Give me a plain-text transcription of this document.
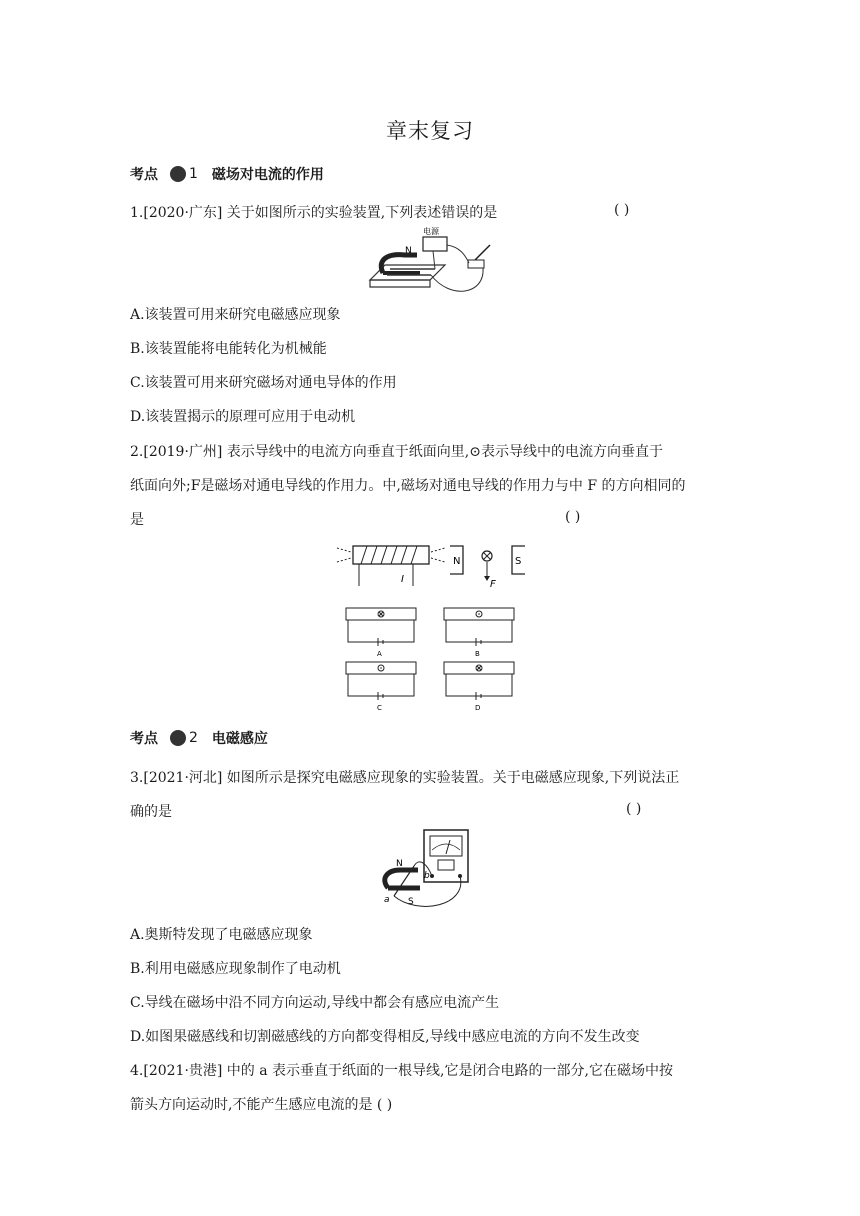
章末复习
考点 1 磁场对电流的作用
1.[2020·广东] 关于如图所示的实验装置,下列表述错误的是	( )
N
电源
A.该装置可用来研究电磁感应现象
B.该装置能将电能转化为机械能
C.该装置可用来研究磁场对通电导体的作用
D.该装置揭示的原理可应用于电动机
2.[2019·广州] 表示导线中的电流方向垂直于纸面向里,⊙表示导线中的电流方向垂直于
纸面向外;F是磁场对通电导线的作用力。中,磁场对通电导线的作用力与中 F 的方向相同的
是	( )
I
N
F
S
A	B
C	D
考点 2 电磁感应
3.[2021·河北] 如图所示是探究电磁感应现象的实验装置。关于电磁感应现象,下列说法正
确的是	( )
N
S
a
b
A.奥斯特发现了电磁感应现象
B.利用电磁感应现象制作了电动机
C.导线在磁场中沿不同方向运动,导线中都会有感应电流产生
D.如图果磁感线和切割磁感线的方向都变得相反,导线中感应电流的方向不发生改变
4.[2021·贵港] 中的 a 表示垂直于纸面的一根导线,它是闭合电路的一部分,它在磁场中按
箭头方向运动时,不能产生感应电流的是 ( )
